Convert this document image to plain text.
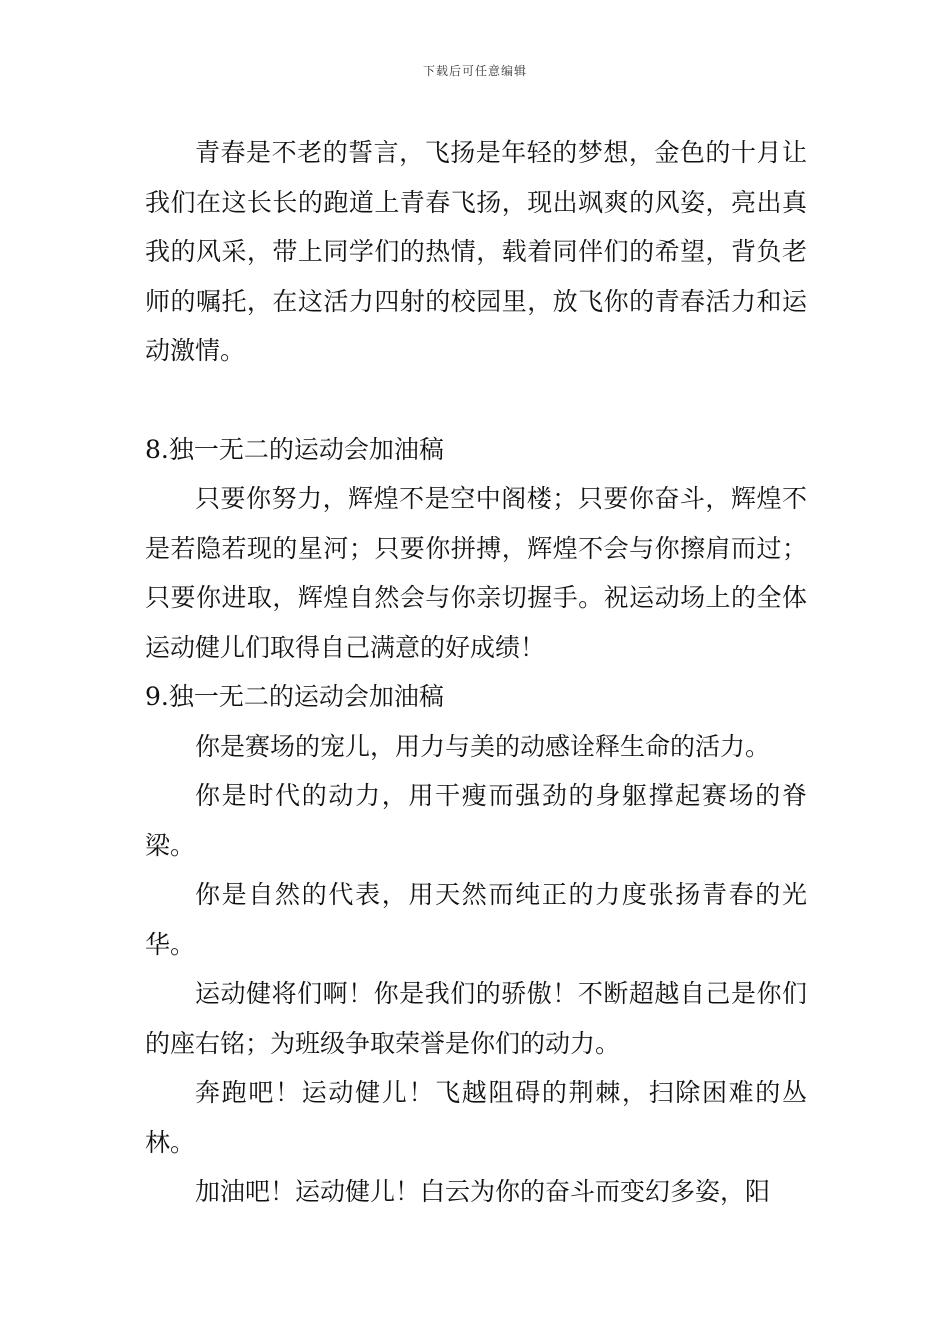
下载后可任意编辑

青春是不老的誓言，飞扬是年轻的梦想，金色的十月让我们在这长长的跑道上青春飞扬，现出飒爽的风姿，亮出真我的风采，带上同学们的热情，载着同伴们的希望，背负老师的嘱托，在这活力四射的校园里，放飞你的青春活力和运动激情。

8.独一无二的运动会加油稿

只要你努力，辉煌不是空中阁楼；只要你奋斗，辉煌不是若隐若现的星河；只要你拼搏，辉煌不会与你擦肩而过；只要你进取，辉煌自然会与你亲切握手。祝运动场上的全体运动健儿们取得自己满意的好成绩！

9.独一无二的运动会加油稿

你是赛场的宠儿，用力与美的动感诠释生命的活力。

你是时代的动力，用干瘦而强劲的身躯撑起赛场的脊梁。

你是自然的代表，用天然而纯正的力度张扬青春的光华。

运动健将们啊！你是我们的骄傲！不断超越自己是你们的座右铭；为班级争取荣誉是你们的动力。

奔跑吧！运动健儿！飞越阻碍的荆棘，扫除困难的丛林。

加油吧！运动健儿！白云为你的奋斗而变幻多姿，阳
